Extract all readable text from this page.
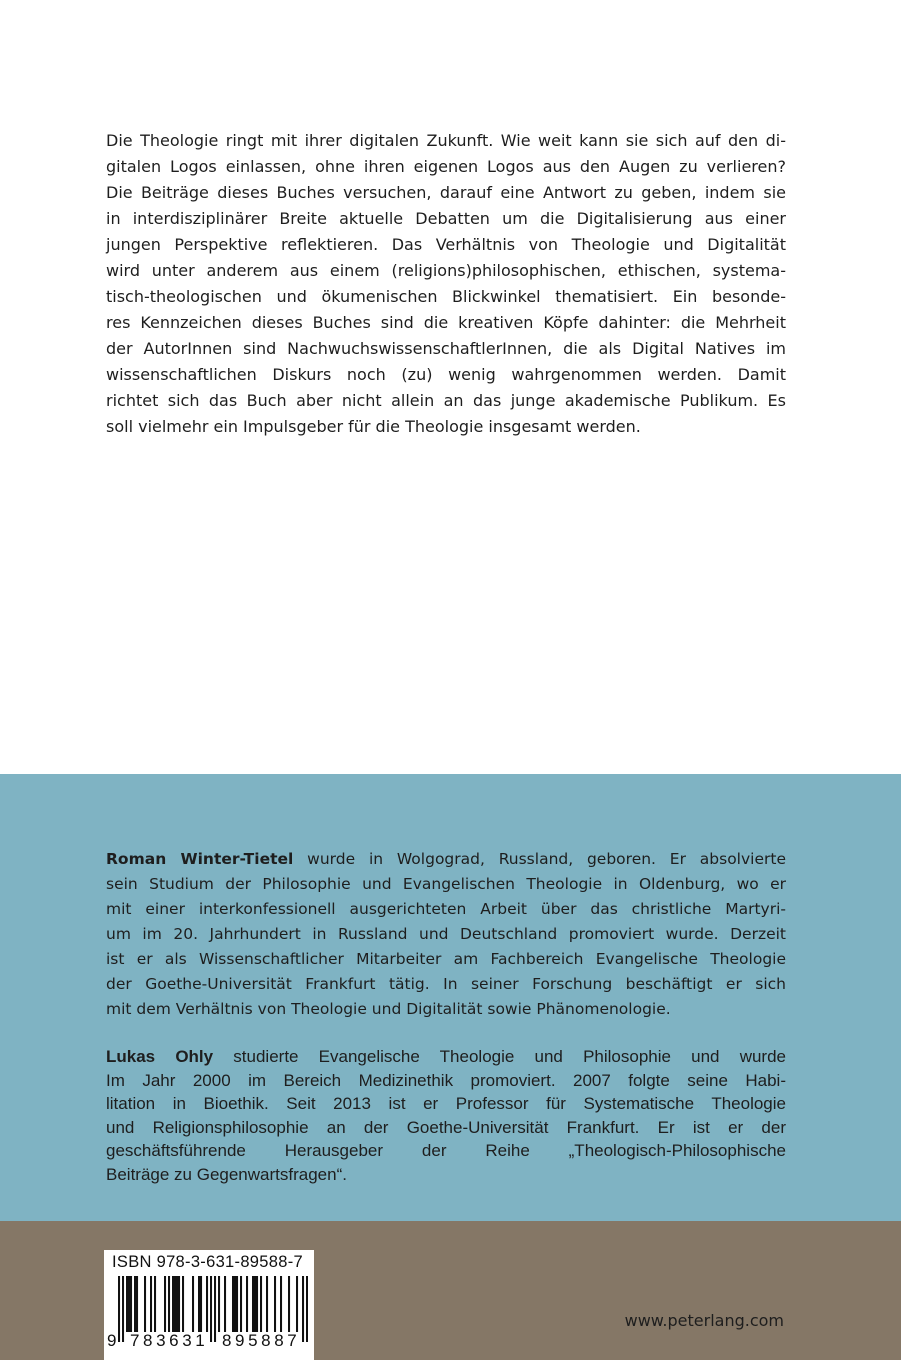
Die Theologie ringt mit ihrer digitalen Zukunft. Wie weit kann sie sich auf den di-
gitalen Logos einlassen, ohne ihren eigenen Logos aus den Augen zu verlieren?
Die Beiträge dieses Buches versuchen, darauf eine Antwort zu geben, indem sie
in interdisziplinärer Breite aktuelle Debatten um die Digitalisierung aus einer
jungen Perspektive reflektieren. Das Verhältnis von Theologie und Digitalität
wird unter anderem aus einem (religions)philosophischen, ethischen, systema-
tisch-theologischen und ökumenischen Blickwinkel thematisiert. Ein besonde-
res Kennzeichen dieses Buches sind die kreativen Köpfe dahinter: die Mehrheit
der AutorInnen sind NachwuchswissenschaftlerInnen, die als Digital Natives im
wissenschaftlichen Diskurs noch (zu) wenig wahrgenommen werden. Damit
richtet sich das Buch aber nicht allein an das junge akademische Publikum. Es
soll vielmehr ein Impulsgeber für die Theologie insgesamt werden.
Roman Winter-Tietel wurde in Wolgograd, Russland, geboren. Er absolvierte
sein Studium der Philosophie und Evangelischen Theologie in Oldenburg, wo er
mit einer interkonfessionell ausgerichteten Arbeit über das christliche Martyri-
um im 20. Jahrhundert in Russland und Deutschland promoviert wurde. Derzeit
ist er als Wissenschaftlicher Mitarbeiter am Fachbereich Evangelische Theologie
der Goethe-Universität Frankfurt tätig. In seiner Forschung beschäftigt er sich
mit dem Verhältnis von Theologie und Digitalität sowie Phänomenologie.
Lukas Ohly studierte Evangelische Theologie und Philosophie und wurde
Im Jahr 2000 im Bereich Medizinethik promoviert. 2007 folgte seine Habi-
litation in Bioethik. Seit 2013 ist er Professor für Systematische Theologie
und Religionsphilosophie an der Goethe-Universität Frankfurt. Er ist er der
geschäftsführende Herausgeber der Reihe „Theologisch-Philosophische
Beiträge zu Gegenwartsfragen“.
ISBN 978-3-631-89588-7
9 783631 895887
www.peterlang.com
